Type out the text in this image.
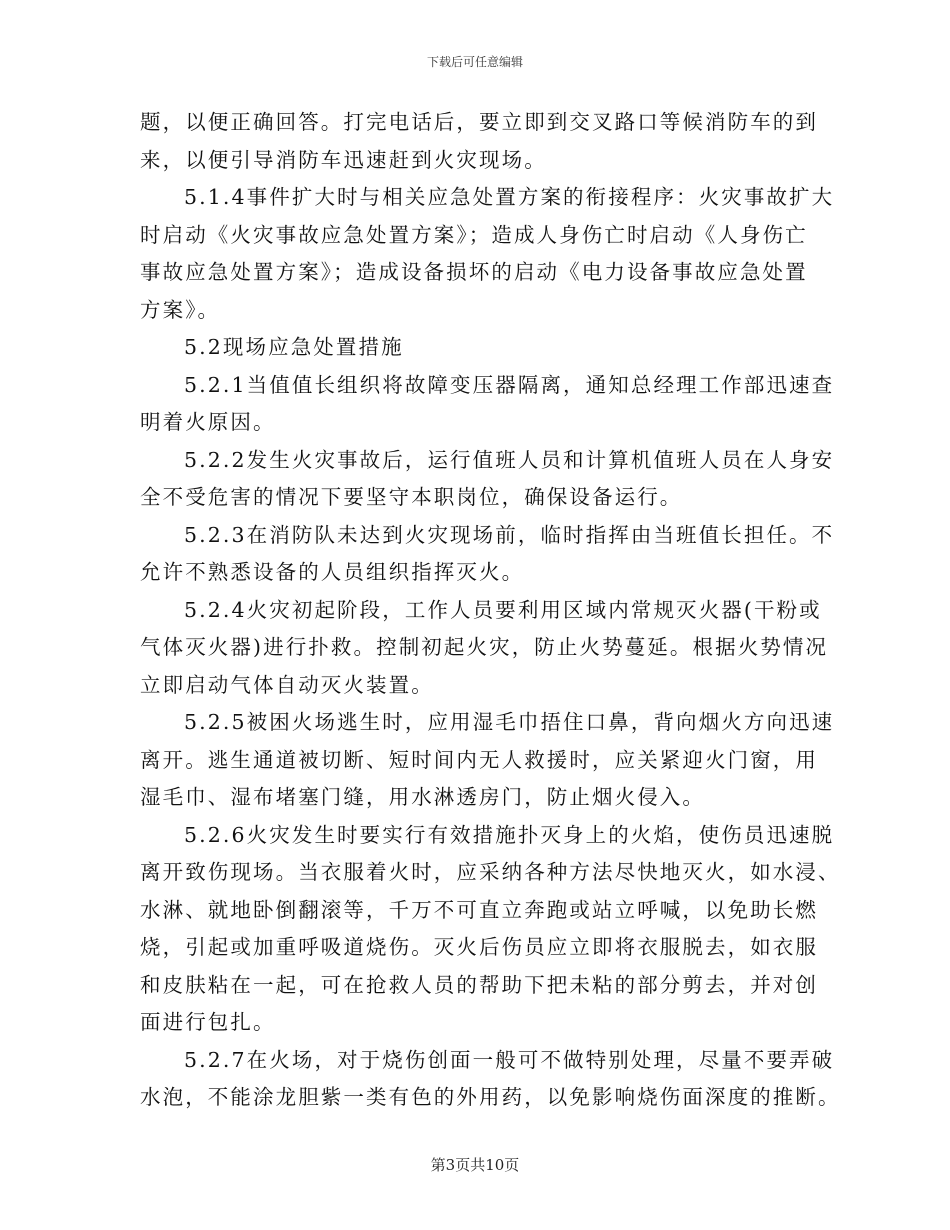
下载后可任意编辑
题，以便正确回答。打完电话后，要立即到交叉路口等候消防车的到
来，以便引导消防车迅速赶到火灾现场。
5.1.4事件扩大时与相关应急处置方案的衔接程序：火灾事故扩大
时启动《火灾事故应急处置方案》；造成人身伤亡时启动《人身伤亡
事故应急处置方案》；造成设备损坏的启动《电力设备事故应急处置
方案》。
5.2现场应急处置措施
5.2.1当值值长组织将故障变压器隔离，通知总经理工作部迅速查
明着火原因。
5.2.2发生火灾事故后，运行值班人员和计算机值班人员在人身安
全不受危害的情况下要坚守本职岗位，确保设备运行。
5.2.3在消防队未达到火灾现场前，临时指挥由当班值长担任。不
允许不熟悉设备的人员组织指挥灭火。
5.2.4火灾初起阶段，工作人员要利用区域内常规灭火器(干粉或
气体灭火器)进行扑救。控制初起火灾，防止火势蔓延。根据火势情况
立即启动气体自动灭火装置。
5.2.5被困火场逃生时，应用湿毛巾捂住口鼻，背向烟火方向迅速
离开。逃生通道被切断、短时间内无人救援时，应关紧迎火门窗，用
湿毛巾、湿布堵塞门缝，用水淋透房门，防止烟火侵入。
5.2.6火灾发生时要实行有效措施扑灭身上的火焰，使伤员迅速脱
离开致伤现场。当衣服着火时，应采纳各种方法尽快地灭火，如水浸、
水淋、就地卧倒翻滚等，千万不可直立奔跑或站立呼喊，以免助长燃
烧，引起或加重呼吸道烧伤。灭火后伤员应立即将衣服脱去，如衣服
和皮肤粘在一起，可在抢救人员的帮助下把未粘的部分剪去，并对创
面进行包扎。
5.2.7在火场，对于烧伤创面一般可不做特别处理，尽量不要弄破
水泡，不能涂龙胆紫一类有色的外用药，以免影响烧伤面深度的推断。
第3页共10页
